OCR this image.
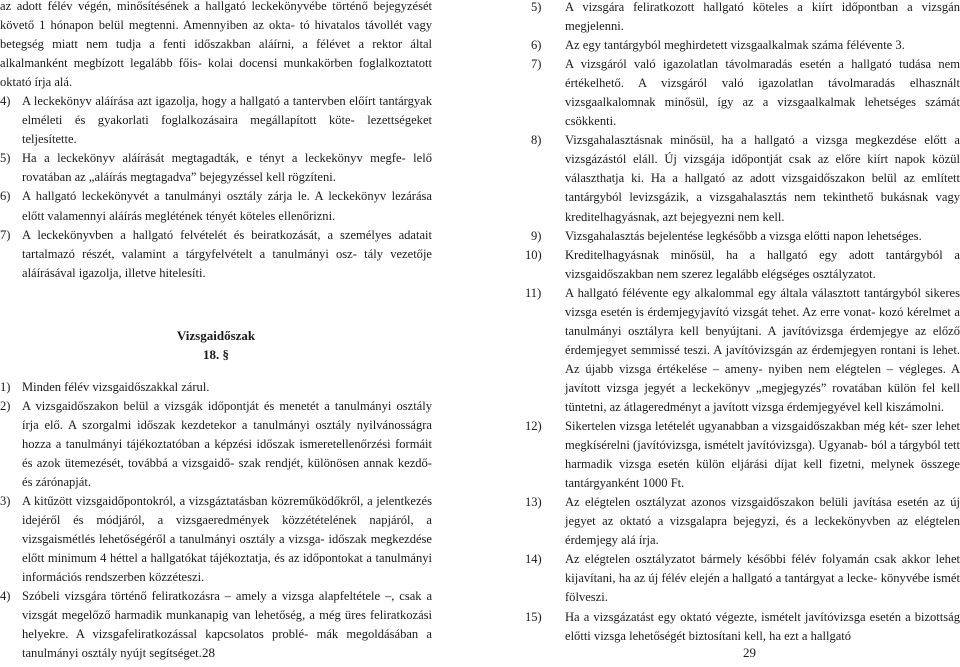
az adott félév végén, minősítésének a hallgató leckekönyvébe történő bejegyzését követő 1 hónapon belül megtenni. Amennyiben az okta- tó hivatalos távollét vagy betegség miatt nem tudja a fenti időszakban aláírni, a félévet a rektor által alkalmanként megbízott legalább főis- kolai docensi munkakörben foglalkoztatott oktató írja alá.

4) A leckekönyv aláírása azt igazolja, hogy a hallgató a tantervben előírt tantárgyak elméleti és gyakorlati foglalkozásaira megállapított köte- lezettségeket teljesítette.

5) Ha a leckekönyv aláírását megtagadták, e tényt a leckekönyv megfe- lelő rovatában az „aláírás megtagadva” bejegyzéssel kell rögzíteni.

6) A hallgató leckekönyvét a tanulmányi osztály zárja le. A leckekönyv lezárása előtt valamennyi aláírás meglétének tényét köteles ellenőrizni.

7) A leckekönyvben a hallgató felvételét és beiratkozását, a személyes adatait tartalmazó részét, valamint a tárgyfelvételt a tanulmányi osz- tály vezetője aláírásával igazolja, illetve hitelesíti.

Vizsgaidőszak

18. §

1) Minden félév vizsgaidőszakkal zárul.

2) A vizsgaidőszakon belül a vizsgák időpontját és menetét a tanulmányi osztály írja elő. A szorgalmi időszak kezdetekor a tanulmányi osztály nyilvánosságra hozza a tanulmányi tájékoztatóban a képzési időszak ismeretellenőrzési formáit és azok ütemezését, továbbá a vizsgaidő- szak rendjét, különösen annak kezdő- és zárónapját.

3) A kitűzött vizsgaidőpontokról, a vizsgáztatásban közreműködőkről, a jelentkezés idejéről és módjáról, a vizsgaeredmények közzétételének napjáról, a vizsgaismétlés lehetőségéről a tanulmányi osztály a vizsga- időszak megkezdése előtt minimum 4 héttel a hallgatókat tájékoztatja, és az időpontokat a tanulmányi információs rendszerben közzéteszi.

4) Szóbeli vizsgára történő feliratkozásra – amely a vizsga alapfeltétele –, csak a vizsgát megelőző harmadik munkanapig van lehetőség, a még üres feliratkozási helyekre. A vizsgafeliratkozással kapcsolatos problé- mák megoldásában a tanulmányi osztály nyújt segítséget.

5) A vizsgára feliratkozott hallgató köteles a kiírt időpontban a vizsgán megjelenni.

6) Az egy tantárgyból meghirdetett vizsgaalkalmak száma félévente 3.

7) A vizsgáról való igazolatlan távolmaradás esetén a hallgató tudása nem értékelhető. A vizsgáról való igazolatlan távolmaradás elhasznált vizsgaalkalomnak minősül, így az a vizsgaalkalmak lehetséges számát csökkenti.

8) Vizsgahalasztásnak minősül, ha a hallgató a vizsga megkezdése előtt a vizsgázástól eláll. Új vizsgája időpontját csak az előre kiírt napok közül választhatja ki. Ha a hallgató az adott vizsgaidőszakon belül az említett tantárgyból levizsgázik, a vizsgahalasztás nem tekinthető bukásnak vagy kreditelhagyásnak, azt bejegyezni nem kell.

9) Vizsgahalasztás bejelentése legkésőbb a vizsga előtti napon lehetséges.

10) Kreditelhagyásnak minősül, ha a hallgató egy adott tantárgyból a vizsgaidőszakban nem szerez legalább elégséges osztályzatot.

11) A hallgató félévente egy alkalommal egy általa választott tantárgyból sikeres vizsga esetén is érdemjegyjavító vizsgát tehet. Az erre vonat- kozó kérelmet a tanulmányi osztályra kell benyújtani. A javítóvizsga érdemjegye az előző érdemjegyet semmissé teszi. A javítóvizsgán az érdemjegyen rontani is lehet. Az újabb vizsga értékelése – ameny- nyiben nem elégtelen – végleges. A javított vizsga jegyét a leckekönyv „megjegyzés” rovatában külön fel kell tüntetni, az átlageredményt a javított vizsga érdemjegyével kell kiszámolni.

12) Sikertelen vizsga letételét ugyanabban a vizsgaidőszakban még két- szer lehet megkísérelni (javítóvizsga, ismételt javítóvizsga). Ugyanab- ból a tárgyból tett harmadik vizsga esetén külön eljárási díjat kell fizetni, melynek összege tantárgyanként 1000 Ft.

13) Az elégtelen osztályzat azonos vizsgaidőszakon belüli javítása esetén az új jegyet az oktató a vizsgalapra bejegyzi, és a leckekönyvben az elégtelen érdemjegy alá írja.

14) Az elégtelen osztályzatot bármely későbbi félév folyamán csak akkor lehet kijavítani, ha az új félév elején a hallgató a tantárgyat a lecke- könyvébe ismét fölveszi.

15) Ha a vizsgázatást egy oktató végezte, ismételt javítóvizsga esetén a bizottság előtti vizsga lehetőségét biztosítani kell, ha ezt a hallgató

28	29
